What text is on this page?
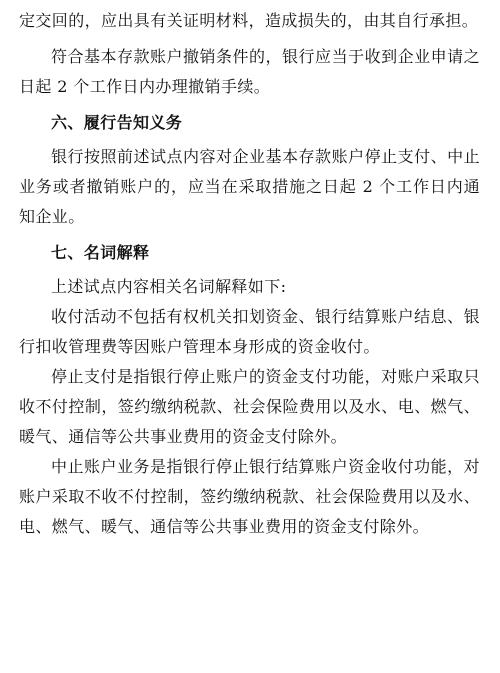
定交回的，应出具有关证明材料，造成损失的，由其自行承担。

符合基本存款账户撤销条件的，银行应当于收到企业申请之日起 2 个工作日内办理撤销手续。

六、履行告知义务

银行按照前述试点内容对企业基本存款账户停止支付、中止业务或者撤销账户的，应当在采取措施之日起 2 个工作日内通知企业。

七、名词解释

上述试点内容相关名词解释如下:

收付活动不包括有权机关扣划资金、银行结算账户结息、银行扣收管理费等因账户管理本身形成的资金收付。

停止支付是指银行停止账户的资金支付功能，对账户采取只收不付控制，签约缴纳税款、社会保险费用以及水、电、燃气、暖气、通信等公共事业费用的资金支付除外。

中止账户业务是指银行停止银行结算账户资金收付功能，对账户采取不收不付控制，签约缴纳税款、社会保险费用以及水、电、燃气、暖气、通信等公共事业费用的资金支付除外。
